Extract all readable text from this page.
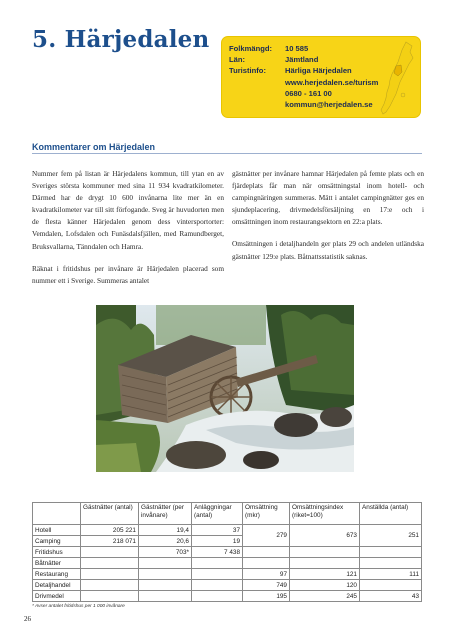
5. Härjedalen	Folkmängd:	10 585
Län:	Jämtland
Turistinfo:	Härliga Härjedalen
www.herjedalen.se/turism
0680 - 161 00
kommun@herjedalen.se
Kommentarer om Härjedalen

Nummer fem på listan är Härjedalens kommun, till ytan en av Sveriges största kommuner med sina 11 934 kvadratkilometer. Därmed har de drygt 10 600 invånarna lite mer än en kvadratkilometer var till sitt förfogande. Sveg är huvudorten men de flesta känner Härjedalen genom dess vintersportorter: Vemdalen, Lofsdalen och Funäsdalsfjällen, med Ramundberget, Bruksvallarna, Tänndalen och Hamra.

Räknat i fritidshus per invånare är Härjedalen placerad som nummer ett i Sverige. Summeras antalet

gästnätter per invånare hamnar Härjedalen på femte plats och en fjärdeplats får man när omsättningstal inom hotell- och campingnäringen summeras. Mätt i antalet campingnätter ges en sjundeplacering, drivmedelsförsäljning en 17:e och i omsättningen inom restaurangsektorn en 22:a plats.

Omsättningen i detaljhandeln ger plats 29 och andelen utländska gästnätter 129:e plats. Båtnattsstatistik saknas.

	Gästnätter (antal)	Gästnätter (per invånare)	Anläggningar (antal)	Omsättning (mkr)	Omsättningsindex (riket=100)	Anställda (antal)
Hotell	205 221	19,4	37	279	673	251
Camping	218 071	20,6	19			
Fritidshus		703*	7 438			
Båtnätter						
Restaurang				97	121	111
Detaljhandel				749	120	
Drivmedel				195	245	43
* Avser antalet fritidshus per 1 000 invånare
26
